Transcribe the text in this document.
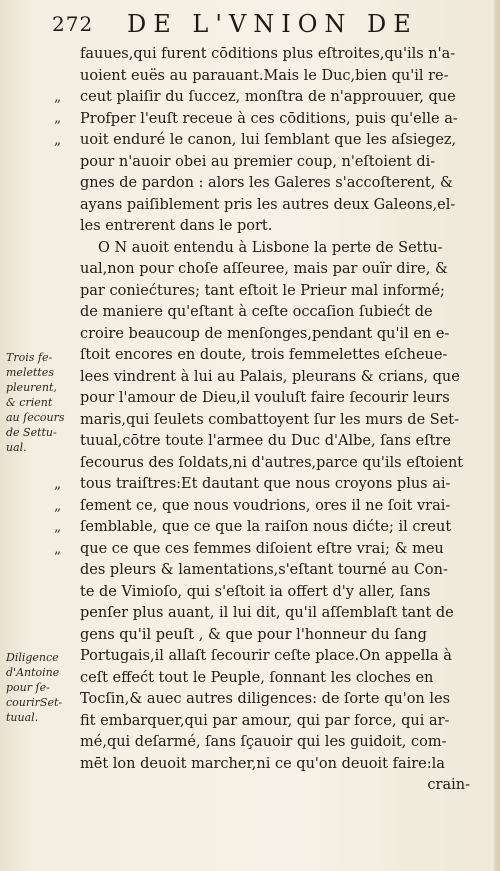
272 DE L'VNION DE
„
„
„
„
„
„
„
Trois fe-
melettes
pleurent,
& crient
au ſecours
de Settu-
ual.
Diligence
d'Antoine
pour ſe-
courirSet-
tuual.
fauues,qui furent cōditions plus eſtroites,qu'ils n'a-
uoient euës au parauant.Mais le Duc,bien qu'il re-
ceut plaiſir du ſuccez, monſtra de n'approuuer, que
Profper l'euſt receue à ces cōditions, puis qu'elle a-
uoit enduré le canon, lui ſemblant que les aſsiegez,
pour n'auoir obei au premier coup, n'eſtoient di-
gnes de pardon : alors les Galeres s'accoſterent, &
ayans paiſiblement pris les autres deux Galeons,el-
les entrerent dans le port.
O N auoit entendu à Lisbone la perte de Settu-
ual,non pour choſe aſſeuree, mais par ouïr dire, &
par coniećtures; tant eſtoit le Prieur mal informé;
de maniere qu'eſtant à ceſte occaſion ſubiećt de
croire beaucoup de menſonges,pendant qu'il en e-
ſtoit encores en doute, trois femmelettes eſcheue-
lees vindrent à lui au Palais, pleurans & crians, que
pour l'amour de Dieu,il vouluſt faire ſecourir leurs
maris,qui ſeulets combattoyent ſur les murs de Set-
tuual,cōtre toute l'armee du Duc d'Albe, ſans eſtre
ſecourus des ſoldats,ni d'autres,parce qu'ils eſtoient
tous traiſtres:Et dautant que nous croyons plus ai-
ſement ce, que nous voudrions, ores il ne ſoit vrai-
ſemblable, que ce que la raiſon nous dićte; il creut
que ce que ces femmes diſoient eſtre vrai; & meu
des pleurs & lamentations,s'eſtant tourné au Con-
te de Vimioſo, qui s'eſtoit ia offert d'y aller, ſans
penſer plus auant, il lui dit, qu'il aſſemblaſt tant de
gens qu'il peuſt , & que pour l'honneur du ſang
Portugais,il allaſt ſecourir ceſte place.On appella à
ceſt effećt tout le Peuple, ſonnant les cloches en
Tocſin,& auec autres diligences: de ſorte qu'on les
fit embarquer,qui par amour, qui par force, qui ar-
mé,qui deſarmé, ſans ſçauoir qui les guidoit, com-
mēt lon deuoit marcher,ni ce qu'on deuoit faire:la
crain-
